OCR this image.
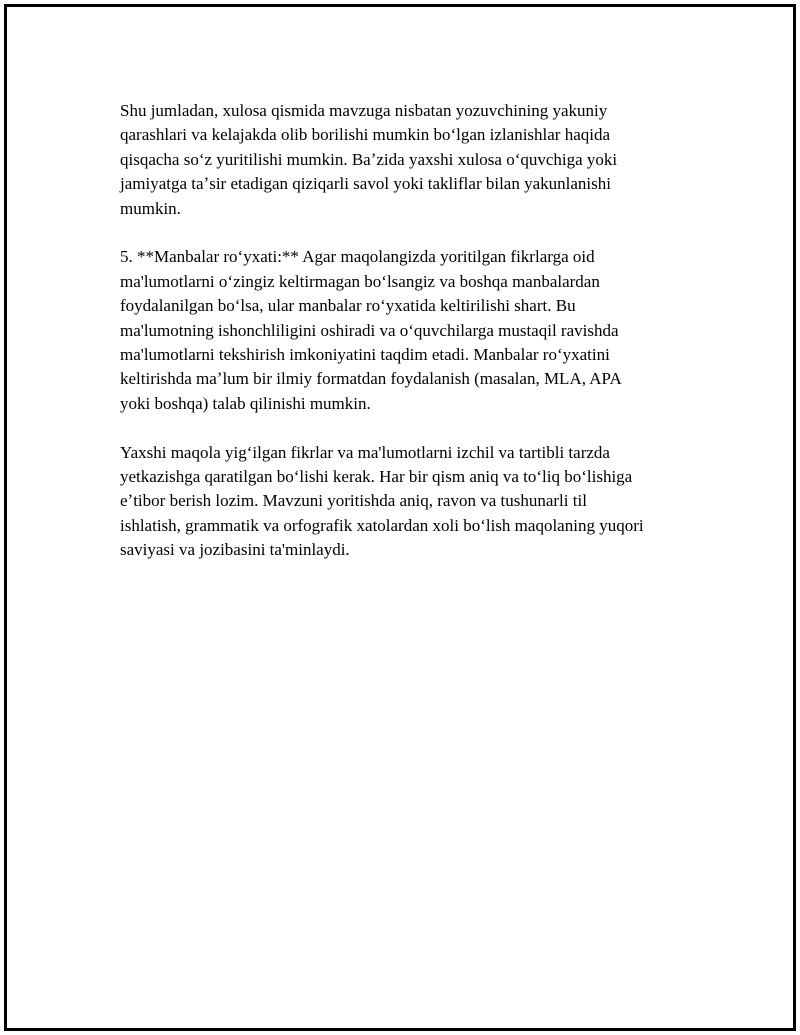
Shu jumladan, xulosa qismida mavzuga nisbatan yozuvchining yakuniy
qarashlari va kelajakda olib borilishi mumkin boʻlgan izlanishlar haqida
qisqacha soʻz yuritilishi mumkin. Baʼzida yaxshi xulosa oʻquvchiga yoki
jamiyatga taʼsir etadigan qiziqarli savol yoki takliflar bilan yakunlanishi
mumkin.

5. **Manbalar roʻyxati:** Agar maqolangizda yoritilgan fikrlarga oid
ma'lumotlarni oʻzingiz keltirmagan boʻlsangiz va boshqa manbalardan
foydalanilgan boʻlsa, ular manbalar roʻyxatida keltirilishi shart. Bu
ma'lumotning ishonchliligini oshiradi va oʻquvchilarga mustaqil ravishda
ma'lumotlarni tekshirish imkoniyatini taqdim etadi. Manbalar roʻyxatini
keltirishda maʼlum bir ilmiy formatdan foydalanish (masalan, MLA, APA
yoki boshqa) talab qilinishi mumkin.

Yaxshi maqola yigʻilgan fikrlar va ma'lumotlarni izchil va tartibli tarzda
yetkazishga qaratilgan boʻlishi kerak. Har bir qism aniq va toʻliq boʻlishiga
eʼtibor berish lozim. Mavzuni yoritishda aniq, ravon va tushunarli til
ishlatish, grammatik va orfografik xatolardan xoli boʻlish maqolaning yuqori
saviyasi va jozibasini ta'minlaydi.
